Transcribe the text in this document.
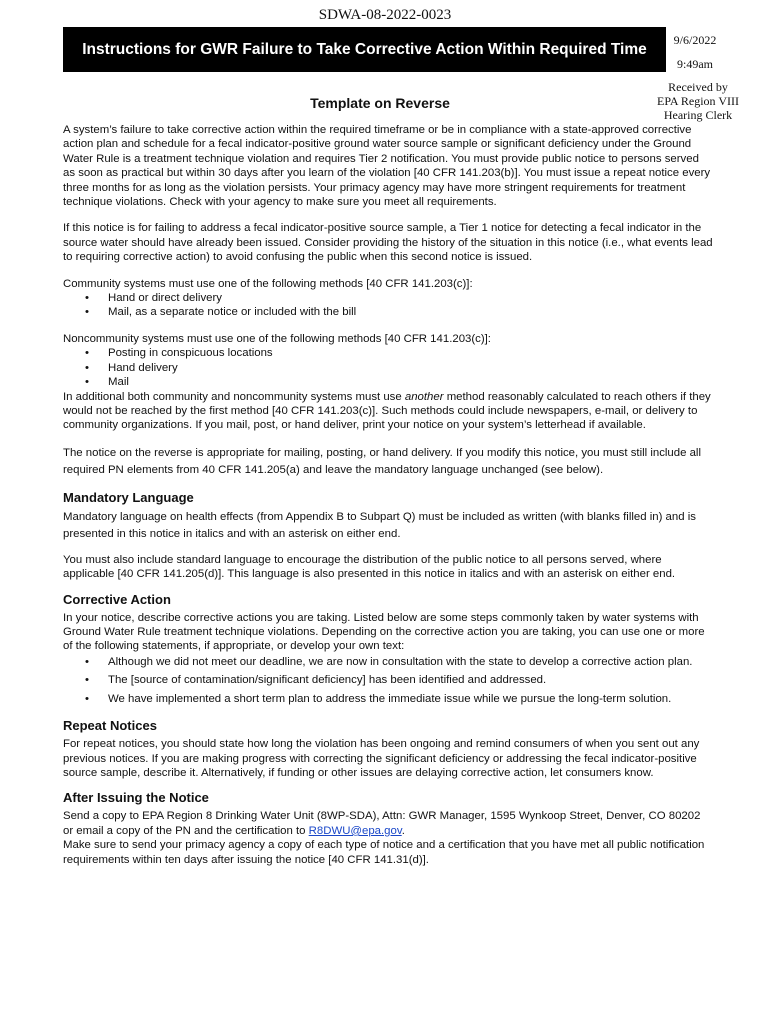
SDWA-08-2022-0023
Instructions for GWR Failure to Take Corrective Action Within Required Time
9/6/2022
9:49am
Received by
EPA Region VIII
Hearing Clerk
Template on Reverse

A system’s failure to take corrective action within the required timeframe or be in compliance with a state-approved corrective action plan and schedule for a fecal indicator-positive ground water source sample or significant deficiency under the Ground Water Rule is a treatment technique violation and requires Tier 2 notification. You must provide public notice to persons served as soon as practical but within 30 days after you learn of the violation [40 CFR 141.203(b)]. You must issue a repeat notice every three months for as long as the violation persists. Your primacy agency may have more stringent requirements for treatment technique violations. Check with your agency to make sure you meet all requirements.

If this notice is for failing to address a fecal indicator-positive source sample, a Tier 1 notice for detecting a fecal indicator in the source water should have already been issued. Consider providing the history of the situation in this notice (i.e., what events lead to requiring corrective action) to avoid confusing the public when this second notice is issued.

Community systems must use one of the following methods [40 CFR 141.203(c)]:

• Hand or direct delivery
• Mail, as a separate notice or included with the bill

Noncommunity systems must use one of the following methods [40 CFR 141.203(c)]:

• Posting in conspicuous locations
• Hand delivery
• Mail

In additional both community and noncommunity systems must use another method reasonably calculated to reach others if they would not be reached by the first method [40 CFR 141.203(c)]. Such methods could include newspapers, e-mail, or delivery to community organizations. If you mail, post, or hand deliver, print your notice on your system’s letterhead if available.

The notice on the reverse is appropriate for mailing, posting, or hand delivery. If you modify this notice, you must still include all required PN elements from 40 CFR 141.205(a) and leave the mandatory language unchanged (see below).

Mandatory Language

Mandatory language on health effects (from Appendix B to Subpart Q) must be included as written (with blanks filled in) and is presented in this notice in italics and with an asterisk on either end.

You must also include standard language to encourage the distribution of the public notice to all persons served, where applicable [40 CFR 141.205(d)]. This language is also presented in this notice in italics and with an asterisk on either end.

Corrective Action

In your notice, describe corrective actions you are taking. Listed below are some steps commonly taken by water systems with Ground Water Rule treatment technique violations. Depending on the corrective action you are taking, you can use one or more of the following statements, if appropriate, or develop your own text:

• Although we did not meet our deadline, we are now in consultation with the state to develop a corrective action plan.
• The [source of contamination/significant deficiency] has been identified and addressed.
• We have implemented a short term plan to address the immediate issue while we pursue the long-term solution.
Repeat Notices

For repeat notices, you should state how long the violation has been ongoing and remind consumers of when you sent out any previous notices. If you are making progress with correcting the significant deficiency or addressing the fecal indicator-positive source sample, describe it. Alternatively, if funding or other issues are delaying corrective action, let consumers know.

After Issuing the Notice

Send a copy to EPA Region 8 Drinking Water Unit (8WP-SDA), Attn: GWR Manager, 1595 Wynkoop Street, Denver, CO 80202 or email a copy of the PN and the certification to R8DWU@epa.gov.

Make sure to send your primacy agency a copy of each type of notice and a certification that you have met all public notification requirements within ten days after issuing the notice [40 CFR 141.31(d)].
